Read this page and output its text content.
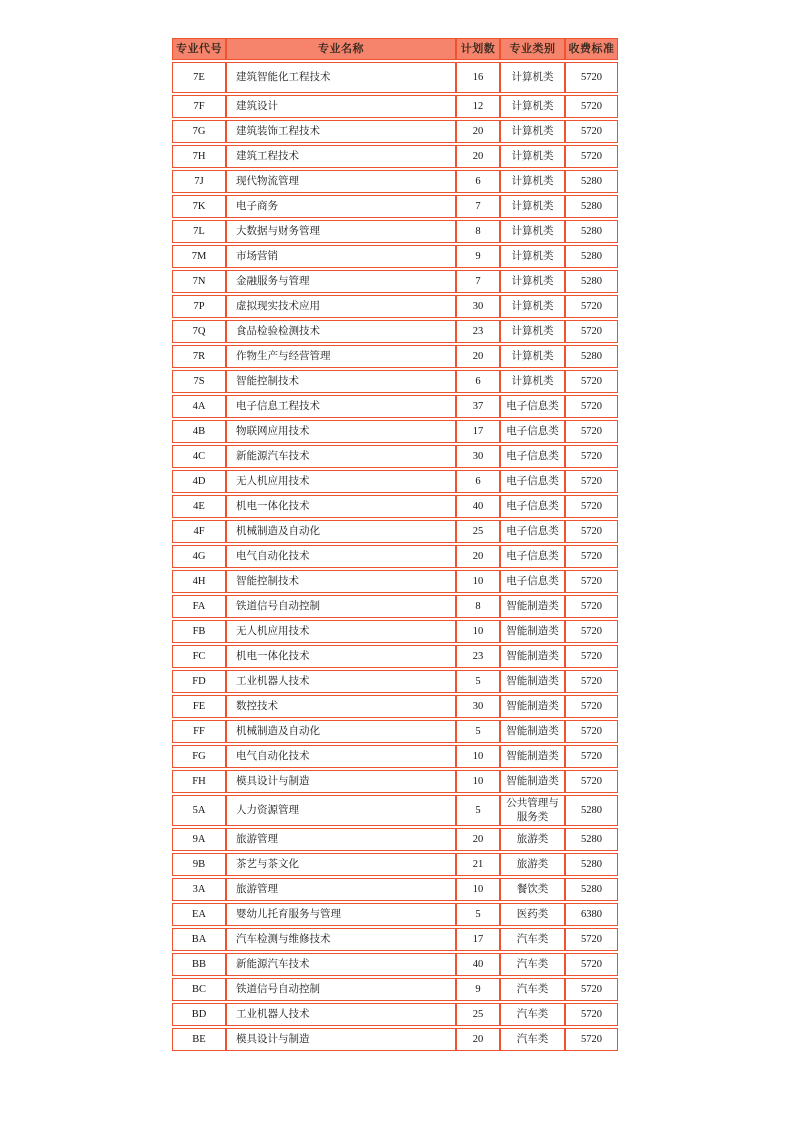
专业代号	专业名称	计划数	专业类别	收费标准
7E	建筑智能化工程技术	16	计算机类	5720
7F	建筑设计	12	计算机类	5720
7G	建筑装饰工程技术	20	计算机类	5720
7H	建筑工程技术	20	计算机类	5720
7J	现代物流管理	6	计算机类	5280
7K	电子商务	7	计算机类	5280
7L	大数据与财务管理	8	计算机类	5280
7M	市场营销	9	计算机类	5280
7N	金融服务与管理	7	计算机类	5280
7P	虚拟现实技术应用	30	计算机类	5720
7Q	食品检验检测技术	23	计算机类	5720
7R	作物生产与经营管理	20	计算机类	5280
7S	智能控制技术	6	计算机类	5720
4A	电子信息工程技术	37	电子信息类	5720
4B	物联网应用技术	17	电子信息类	5720
4C	新能源汽车技术	30	电子信息类	5720
4D	无人机应用技术	6	电子信息类	5720
4E	机电一体化技术	40	电子信息类	5720
4F	机械制造及自动化	25	电子信息类	5720
4G	电气自动化技术	20	电子信息类	5720
4H	智能控制技术	10	电子信息类	5720
FA	铁道信号自动控制	8	智能制造类	5720
FB	无人机应用技术	10	智能制造类	5720
FC	机电一体化技术	23	智能制造类	5720
FD	工业机器人技术	5	智能制造类	5720
FE	数控技术	30	智能制造类	5720
FF	机械制造及自动化	5	智能制造类	5720
FG	电气自动化技术	10	智能制造类	5720
FH	模具设计与制造	10	智能制造类	5720
5A	人力资源管理	5	公共管理与服务类	5280
9A	旅游管理	20	旅游类	5280
9B	茶艺与茶文化	21	旅游类	5280
3A	旅游管理	10	餐饮类	5280
EA	婴幼儿托育服务与管理	5	医药类	6380
BA	汽车检测与维修技术	17	汽车类	5720
BB	新能源汽车技术	40	汽车类	5720
BC	铁道信号自动控制	9	汽车类	5720
BD	工业机器人技术	25	汽车类	5720
BE	模具设计与制造	20	汽车类	5720
